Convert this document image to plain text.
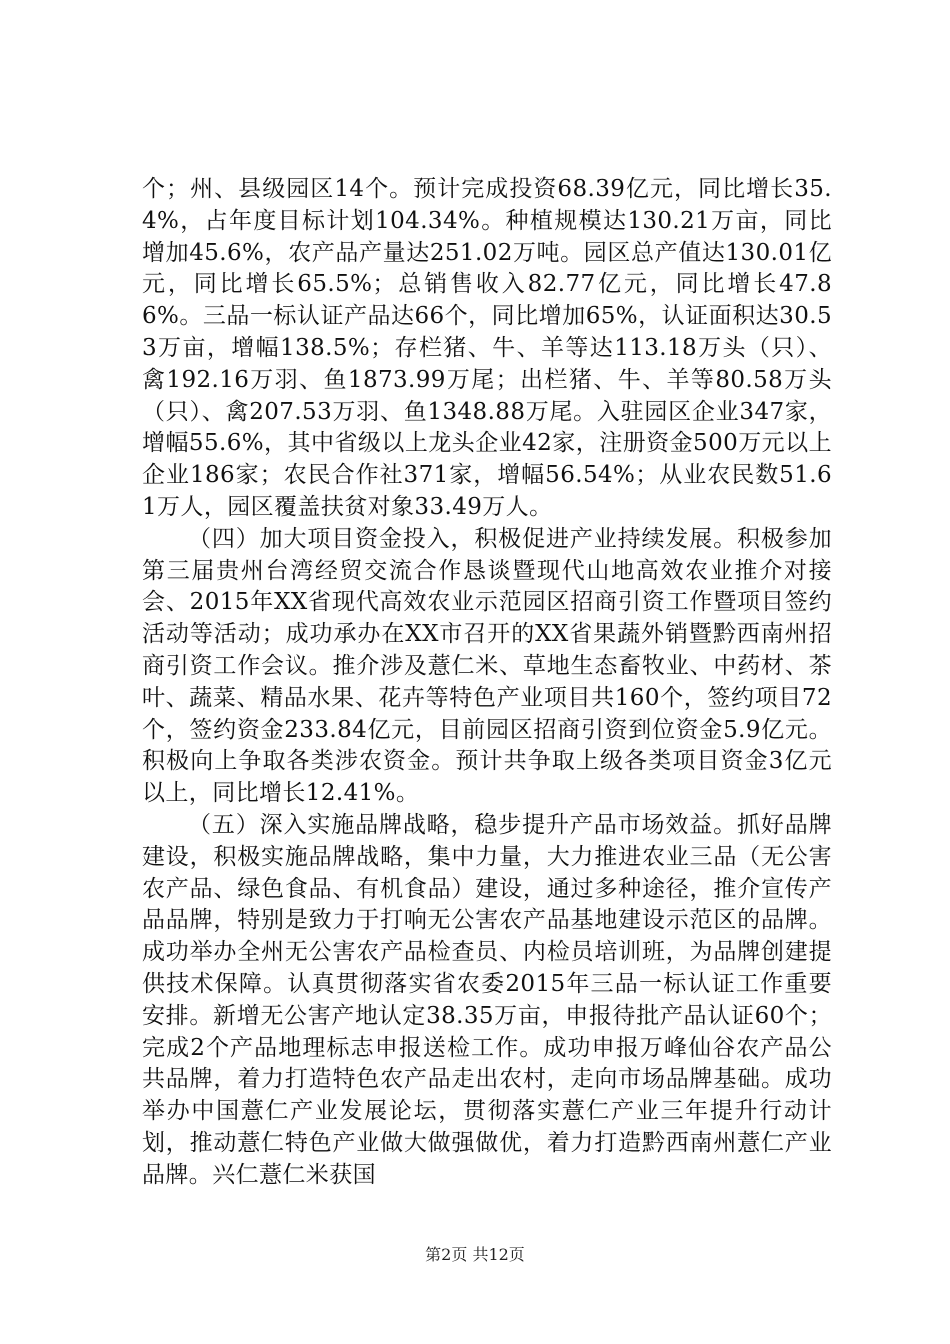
个；州、县级园区14个。预计完成投资68.39亿元，同比增长35.4%，占年度目标计划104.34%。种植规模达130.21万亩，同比增加45.6%，农产品产量达251.02万吨。园区总产值达130.01亿元，同比增长65.5%；总销售收入82.77亿元，同比增长47.86%。三品一标认证产品达66个，同比增加65%，认证面积达30.53万亩，增幅138.5%；存栏猪、牛、羊等达113.18万头（只）、禽192.16万羽、鱼1873.99万尾；出栏猪、牛、羊等80.58万头（只）、禽207.53万羽、鱼1348.88万尾。入驻园区企业347家，增幅55.6%，其中省级以上龙头企业42家，注册资金500万元以上企业186家；农民合作社371家，增幅56.54%；从业农民数51.61万人，园区覆盖扶贫对象33.49万人。

（四）加大项目资金投入，积极促进产业持续发展。积极参加第三届贵州台湾经贸交流合作恳谈暨现代山地高效农业推介对接会、2015年XX省现代高效农业示范园区招商引资工作暨项目签约活动等活动；成功承办在XX市召开的XX省果蔬外销暨黔西南州招商引资工作会议。推介涉及薏仁米、草地生态畜牧业、中药材、茶叶、蔬菜、精品水果、花卉等特色产业项目共160个，签约项目72个，签约资金233.84亿元，目前园区招商引资到位资金5.9亿元。积极向上争取各类涉农资金。预计共争取上级各类项目资金3亿元以上，同比增长12.41%。

（五）深入实施品牌战略，稳步提升产品市场效益。抓好品牌建设，积极实施品牌战略，集中力量，大力推进农业三品（无公害农产品、绿色食品、有机食品）建设，通过多种途径，推介宣传产品品牌，特别是致力于打响无公害农产品基地建设示范区的品牌。成功举办全州无公害农产品检查员、内检员培训班，为品牌创建提供技术保障。认真贯彻落实省农委2015年三品一标认证工作重要安排。新增无公害产地认定38.35万亩，申报待批产品认证60个；完成2个产品地理标志申报送检工作。成功申报万峰仙谷农产品公共品牌，着力打造特色农产品走出农村，走向市场品牌基础。成功举办中国薏仁产业发展论坛，贯彻落实薏仁产业三年提升行动计划，推动薏仁特色产业做大做强做优，着力打造黔西南州薏仁产业品牌。兴仁薏仁米获国

第2页 共12页
